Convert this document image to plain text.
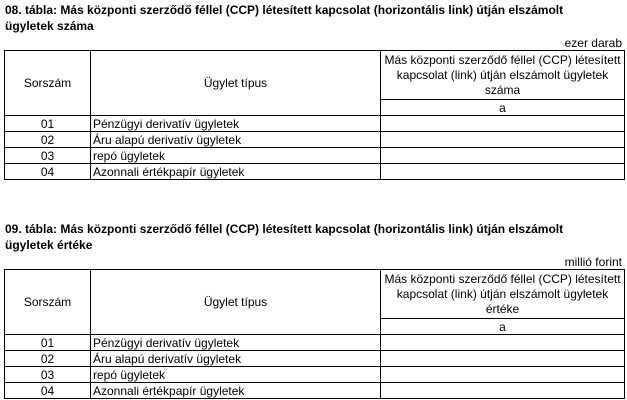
08. tábla: Más központi szerződő féllel (CCP) létesített kapcsolat (horizontális link) útján elszámolt
ügyletek száma

ezer darab
Sorszám	Ügylet típus	Más központi szerződő féllel (CCP) létesített kapcsolat (link) útján elszámolt ügyletek száma
		a
01	Pénzügyi derivatív ügyletek	
02	Áru alapú derivatív ügyletek	
03	repó ügyletek	
04	Azonnali értékpapír ügyletek	

09. tábla: Más központi szerződő féllel (CCP) létesített kapcsolat (horizontális link) útján elszámolt
ügyletek értéke

millió forint
Sorszám	Ügylet típus	Más központi szerződő féllel (CCP) létesített kapcsolat (link) útján elszámolt ügyletek értéke
		a
01	Pénzügyi derivatív ügyletek	
02	Áru alapú derivatív ügyletek	
03	repó ügyletek	
04	Azonnali értékpapír ügyletek	
